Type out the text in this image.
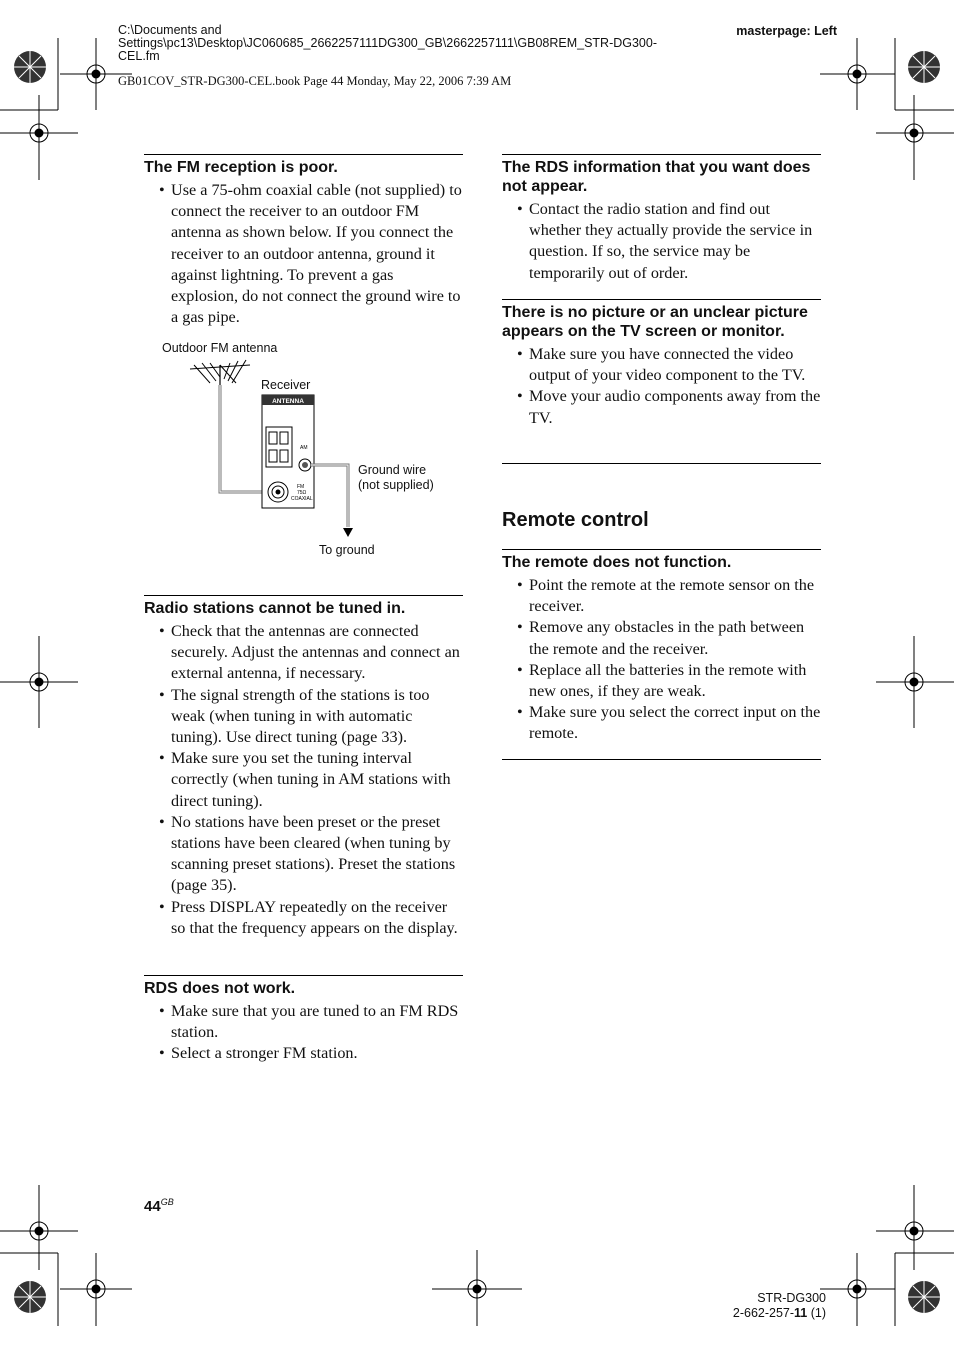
C:\Documents and Settings\pc13\Desktop\JC060685_2662257111DG300_GB\2662257111\GB08REM_STR-DG300-CEL.fm
GB01COV_STR-DG300-CEL.book Page 44 Monday, May 22, 2006 7:39 AM
masterpage: Left
The FM reception is poor.
• Use a 75-ohm coaxial cable (not supplied) to connect the receiver to an outdoor FM antenna as shown below. If you connect the receiver to an outdoor antenna, ground it against lightning. To prevent a gas explosion, do not connect the ground wire to a gas pipe.
Outdoor FM antenna
Receiver
Ground wire
(not supplied)
To ground
ANTENNA
AM
FM
75Ω
COAXIAL
Radio stations cannot be tuned in.
• Check that the antennas are connected securely. Adjust the antennas and connect an external antenna, if necessary.
• The signal strength of the stations is too weak (when tuning in with automatic tuning). Use direct tuning (page 33).
• Make sure you set the tuning interval correctly (when tuning in AM stations with direct tuning).
• No stations have been preset or the preset stations have been cleared (when tuning by scanning preset stations). Preset the stations (page 35).
• Press DISPLAY repeatedly on the receiver so that the frequency appears on the display.
RDS does not work.
• Make sure that you are tuned to an FM RDS station.
• Select a stronger FM station.
The RDS information that you want does not appear.
• Contact the radio station and find out whether they actually provide the service in question. If so, the service may be temporarily out of order.
There is no picture or an unclear picture appears on the TV screen or monitor.
• Make sure you have connected the video output of your video component to the TV.
• Move your audio components away from the TV.
Remote control
The remote does not function.
• Point the remote at the remote sensor on the receiver.
• Remove any obstacles in the path between the remote and the receiver.
• Replace all the batteries in the remote with new ones, if they are weak.
• Make sure you select the correct input on the remote.
$44^{GB}$
STR-DG300
2-662-257-11 (1)
